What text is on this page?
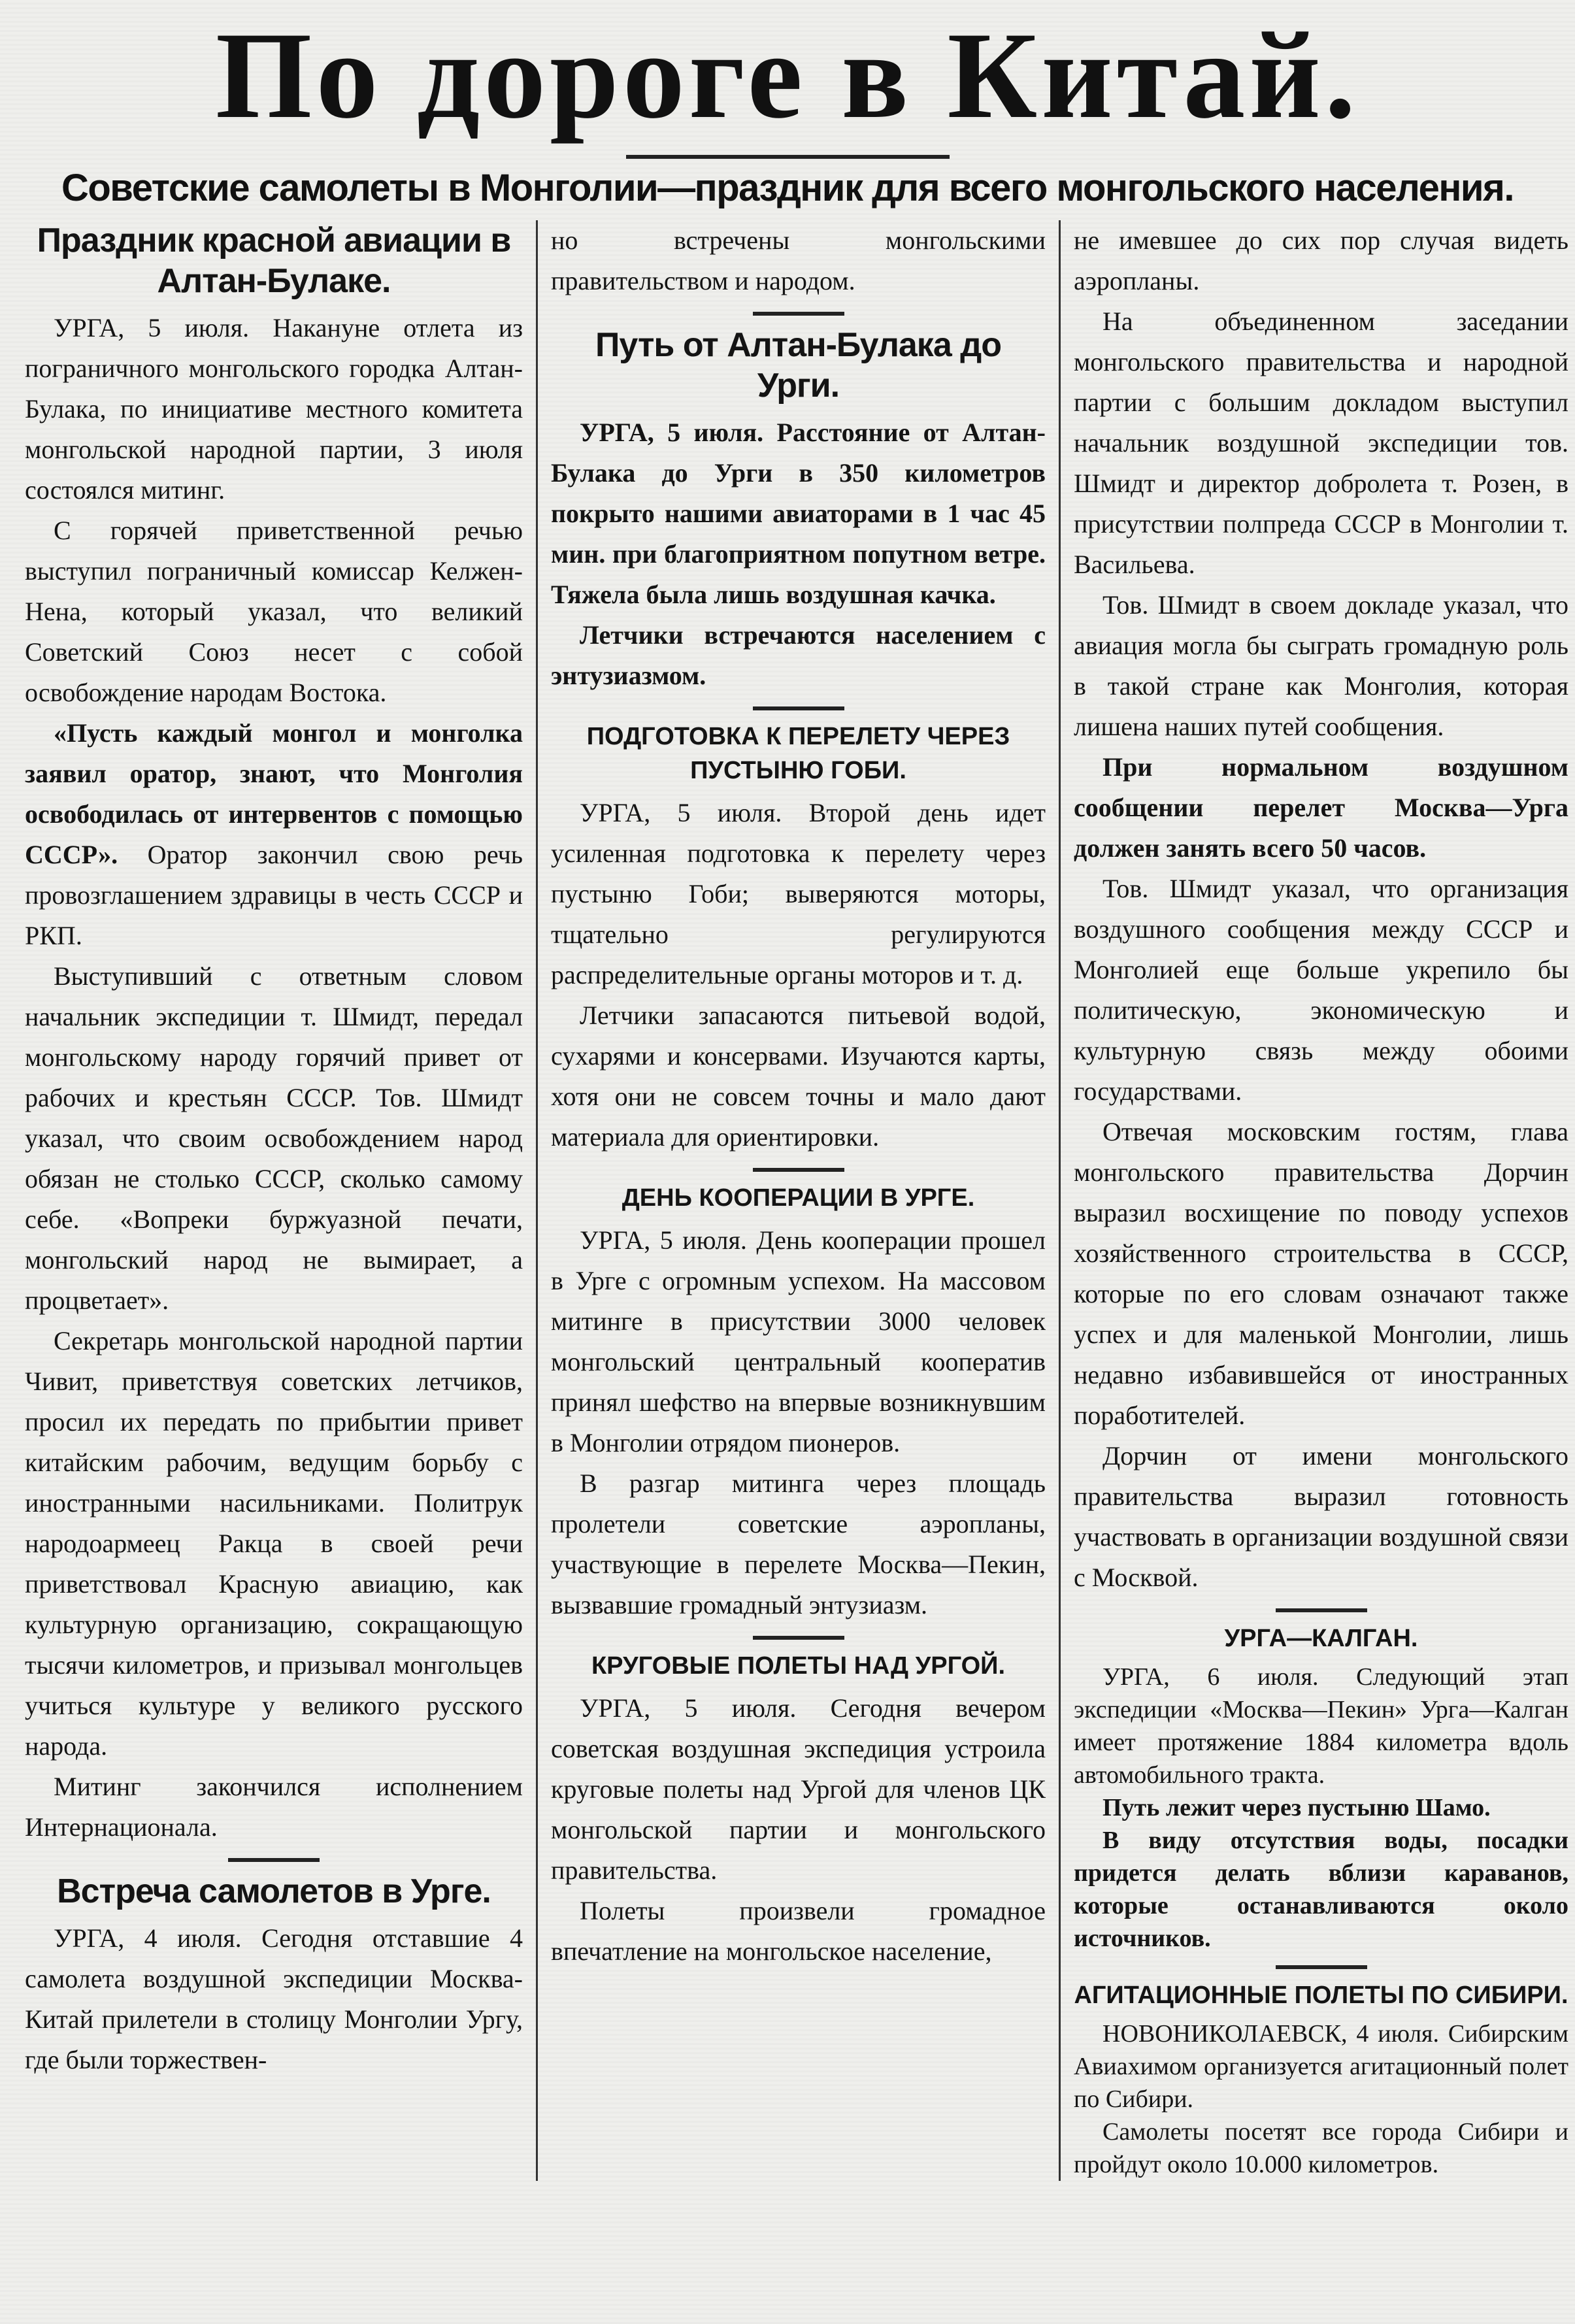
По дороге в Китай.
Советские самолеты в Монголии—праздник для всего монгольского населения.
Праздник красной авиации в Алтан-Булаке.

УРГА, 5 июля. Накануне отлета из пограничного монгольского городка Алтан-Булака, по инициативе местного комитета монгольской народной партии, 3 июля состоялся митинг.

С горячей приветственной речью выступил пограничный комиссар Келжен-Нена, который указал, что великий Советский Союз несет с собой освобождение народам Востока.

«Пусть каждый монгол и монголка заявил оратор, знают, что Монголия освободилась от интервентов с помощью СССР». Оратор закончил свою речь провозглашением здравицы в честь СССР и РКП.

Выступивший с ответным словом начальник экспедиции т. Шмидт, передал монгольскому народу горячий привет от рабочих и крестьян СССР. Тов. Шмидт указал, что своим освобождением народ обязан не столько СССР, сколько самому себе. «Вопреки буржуазной печати, монгольский народ не вымирает, а процветает».

Секретарь монгольской народной партии Чивит, приветствуя советских летчиков, просил их передать по прибытии привет китайским рабочим, ведущим борьбу с иностранными насильниками. Политрук народоармеец Ракца в своей речи приветствовал Красную авиацию, как культурную организацию, сокращающую тысячи километров, и призывал монгольцев учиться культуре у великого русского народа.

Митинг закончился исполнением Интернационала.

Встреча самолетов в Урге.

УРГА, 4 июля. Сегодня отставшие 4 самолета воздушной экспедиции Москва-Китай прилетели в столицу Монголии Ургу, где были торжествен-

но встречены монгольскими правительством и народом.

Путь от Алтан-Булака до Урги.

УРГА, 5 июля. Расстояние от Алтан-Булака до Урги в 350 километров покрыто нашими авиаторами в 1 час 45 мин. при благоприятном попутном ветре. Тяжела была лишь воздушная качка.

Летчики встречаются населением с энтузиазмом.

ПОДГОТОВКА К ПЕРЕЛЕТУ ЧЕРЕЗ ПУСТЫНЮ ГОБИ.

УРГА, 5 июля. Второй день идет усиленная подготовка к перелету через пустыню Гоби; выверяются моторы, тщательно регулируются распределительные органы моторов и т. д.

Летчики запасаются питьевой водой, сухарями и консервами. Изучаются карты, хотя они не совсем точны и мало дают материала для ориентировки.

ДЕНЬ КООПЕРАЦИИ В УРГЕ.

УРГА, 5 июля. День кооперации прошел в Урге с огромным успехом. На массовом митинге в присутствии 3000 человек монгольский центральный кооператив принял шефство на впервые возникнувшим в Монголии отрядом пионеров.

В разгар митинга через площадь пролетели советские аэропланы, участвующие в перелете Москва—Пекин, вызвавшие громадный энтузиазм.

КРУГОВЫЕ ПОЛЕТЫ НАД УРГОЙ.

УРГА, 5 июля. Сегодня вечером советская воздушная экспедиция устроила круговые полеты над Ургой для членов ЦК монгольской партии и монгольского правительства.

Полеты произвели громадное впечатление на монгольское население,

не имевшее до сих пор случая видеть аэропланы.

На объединенном заседании монгольского правительства и народной партии с большим докладом выступил начальник воздушной экспедиции тов. Шмидт и директор добролета т. Розен, в присутствии полпреда СССР в Монголии т. Васильева.

Тов. Шмидт в своем докладе указал, что авиация могла бы сыграть громадную роль в такой стране как Монголия, которая лишена наших путей сообщения.

При нормальном воздушном сообщении перелет Москва—Урга должен занять всего 50 часов.

Тов. Шмидт указал, что организация воздушного сообщения между СССР и Монголией еще больше укрепило бы политическую, экономическую и культурную связь между обоими государствами.

Отвечая московским гостям, глава монгольского правительства Дорчин выразил восхищение по поводу успехов хозяйственного строительства в СССР, которые по его словам означают также успех и для маленькой Монголии, лишь недавно избавившейся от иностранных поработителей.

Дорчин от имени монгольского правительства выразил готовность участвовать в организации воздушной связи с Москвой.

УРГА—КАЛГАН.

УРГА, 6 июля. Следующий этап экспедиции «Москва—Пекин» Урга—Калган имеет протяжение 1884 километра вдоль автомобильного тракта.

Путь лежит через пустыню Шамо.

В виду отсутствия воды, посадки придется делать вблизи караванов, которые останавливаются около источников.

АГИТАЦИОННЫЕ ПОЛЕТЫ ПО СИБИРИ.

НОВОНИКОЛАЕВСК, 4 июля. Сибирским Авиахимом организуется агитационный полет по Сибири.

Самолеты посетят все города Сибири и пройдут около 10.000 километров.
